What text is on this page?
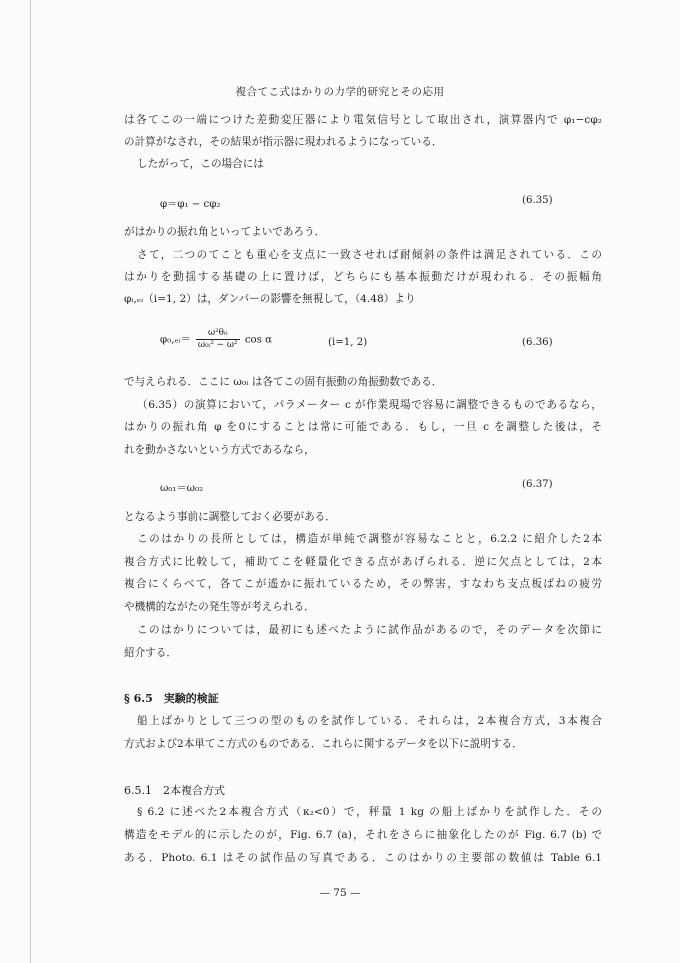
複合てこ式はかりの力学的研究とその応用
は各てこの一端につけた差動変圧器により電気信号として取出され，演算器内で φ₁−cφ₂
の計算がなされ，その結果が指示器に現われるようになっている．
したがって，この場合には
φ＝φ₁ − cφ₂	(6.35)
がはかりの振れ角といってよいであろう．
さて，二つのてことも重心を支点に一致させれば耐傾斜の条件は満足されている．この
はかりを動揺する基礎の上に置けば，どちらにも基本振動だけが現われる．その振幅角
φᵢ,ₑᵢ（i=1, 2）は，ダンパーの影響を無視して，（4.48）より
φ₀,ₑᵢ＝ $\frac{\text{ω²θ₀}}{\text{ω₀ᵢ² − ω²}}$ cos α	(i=1, 2)	(6.36)
で与えられる．ここに ω₀ᵢ は各てこの固有振動の角振動数である．
（6.35）の演算において，パラメーター c が作業現場で容易に調整できるものであるなら，
はかりの振れ角 φ を0にすることは常に可能である．もし，一旦 c を調整した後は，そ
れを動かさないという方式であるなら，
ω₀₁＝ω₀₂	(6.37)
となるよう事前に調整しておく必要がある．
このはかりの長所としては，構造が単純で調整が容易なことと，6.2.2 に紹介した2本
複合方式に比較して，補助てこを軽量化できる点があげられる．逆に欠点としては，2本
複合にくらべて，各てこが遙かに振れているため，その弊害，すなわち支点板ばねの疲労
や機構的ながたの発生等が考えられる．
このはかりについては，最初にも述べたように試作品があるので，そのデータを次節に
紹介する．
§ 6.5　実験的検証
船上ばかりとして三つの型のものを試作している．それらは，2本複合方式，3本複合
方式および2本単てこ方式のものである．これらに関するデータを以下に説明する．
6.5.1　2本複合方式
§ 6.2 に述べた2本複合方式（κ₂<0）で，秤量 1 kg の船上ばかりを試作した．その
構造をモデル的に示したのが，Fig. 6.7 (a)，それをさらに抽象化したのが Fig. 6.7 (b) で
ある．Photo. 6.1 はその試作品の写真である．このはかりの主要部の数値は Table 6.1
— 75 —
